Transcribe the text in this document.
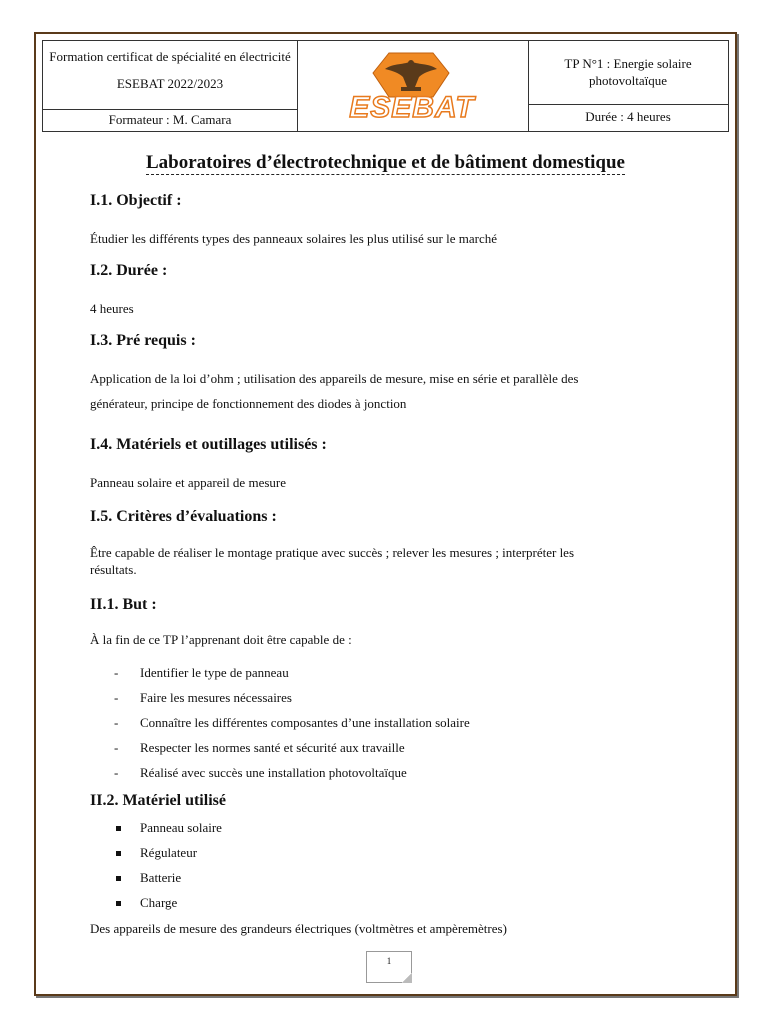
Formation certificat de spécialité en électricité ESEBAT 2022/2023
Formateur : M. Camara	ESEBAT
TP N°1 : Energie solaire photovoltaïque
Durée : 4 heures
Laboratoires d’électrotechnique et de bâtiment domestique
I.1. Objectif :
Étudier les différents types des panneaux solaires les plus utilisé sur le marché
I.2. Durée :
4 heures
I.3. Pré requis :
Application de la loi d’ohm ; utilisation des appareils de mesure, mise en série et parallèle des
générateur, principe de fonctionnement des diodes à jonction
I.4. Matériels et outillages utilisés :
Panneau solaire et appareil de mesure
I.5. Critères d’évaluations :
Être capable de réaliser le montage pratique avec succès ; relever les mesures ; interpréter les
résultats.
II.1. But :
À la fin de ce TP l’apprenant doit être capable de :
- Identifier le type de panneau
- Faire les mesures nécessaires
- Connaître les différentes composantes d’une installation solaire
- Respecter les normes santé et sécurité aux travaille
- Réalisé avec succès une installation photovoltaïque
II.2. Matériel utilisé
Panneau solaire
Régulateur
Batterie
Charge
Des appareils de mesure des grandeurs électriques (voltmètres et ampèremètres)
1
